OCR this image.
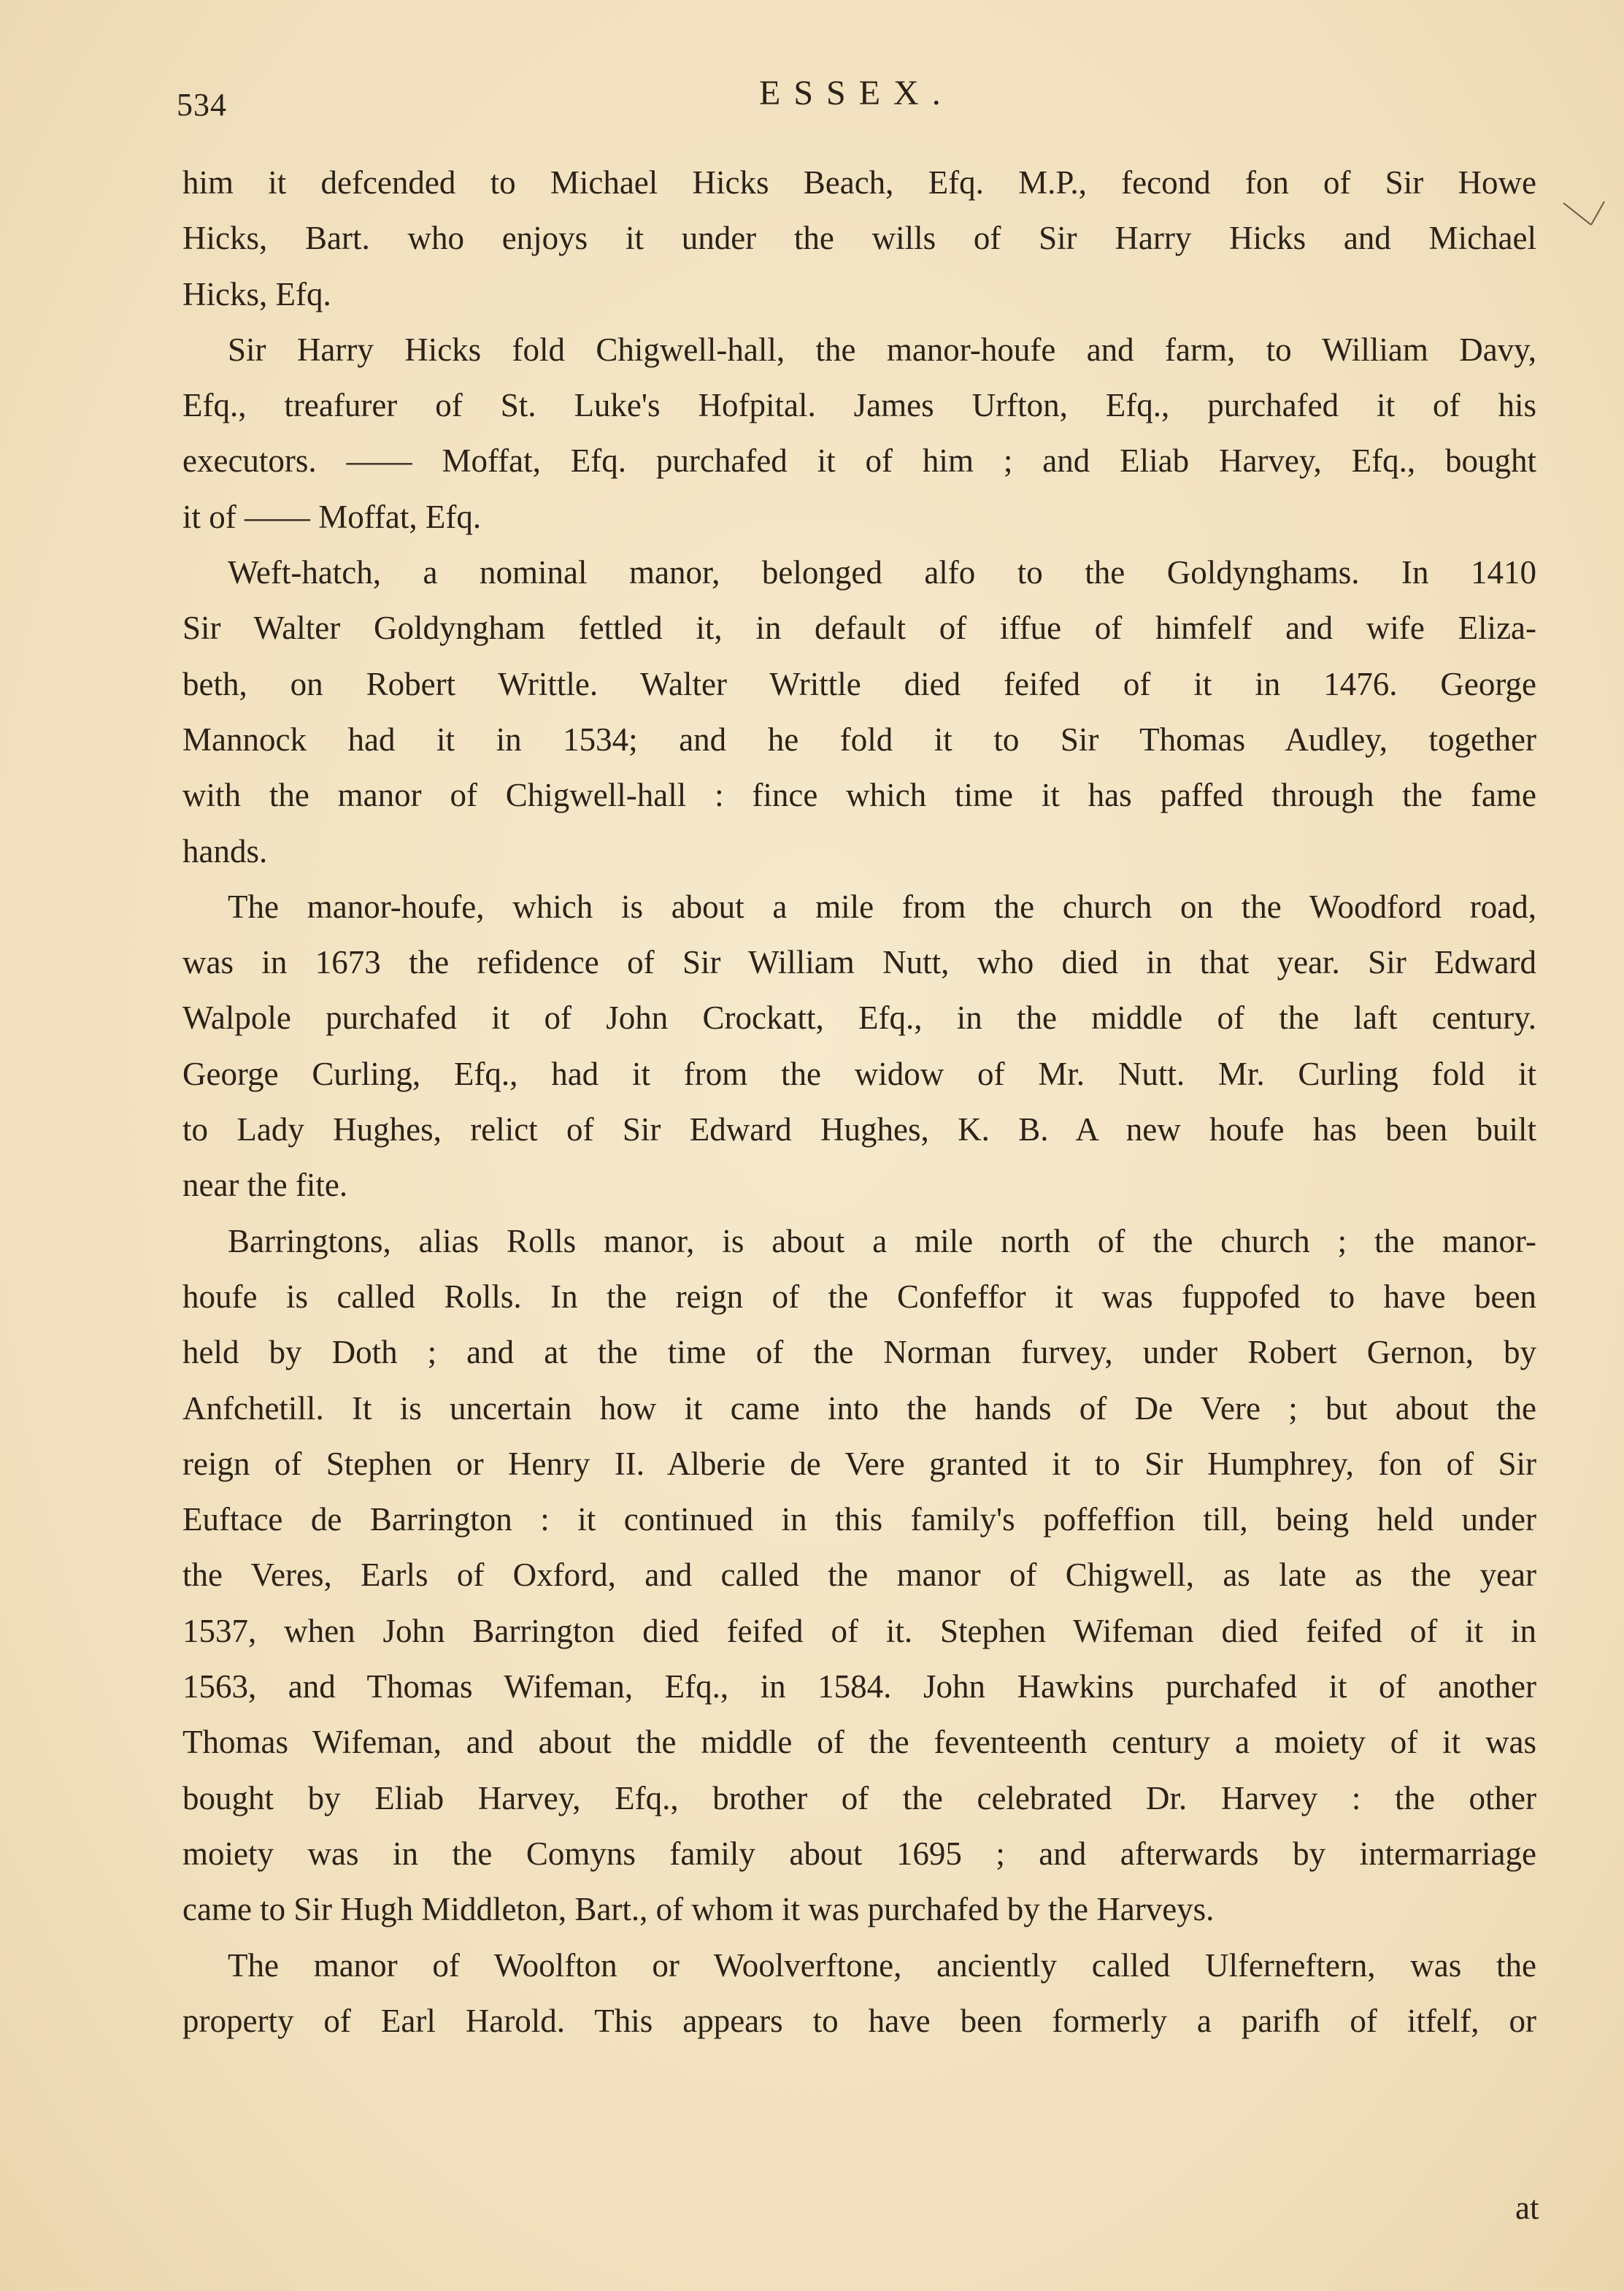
534	ESSEX.
him it defcended to Michael Hicks Beach, Efq. M.P., fecond fon of Sir Howe
Hicks, Bart. who enjoys it under the wills of Sir Harry Hicks and Michael
Hicks, Efq.
Sir Harry Hicks fold Chigwell-hall, the manor-houfe and farm, to William Davy,
Efq., treafurer of St. Luke's Hofpital. James Urfton, Efq., purchafed it of his
executors. —— Moffat, Efq. purchafed it of him ; and Eliab Harvey, Efq., bought
it of —— Moffat, Efq.
Weft-hatch, a nominal manor, belonged alfo to the Goldynghams. In 1410
Sir Walter Goldyngham fettled it, in default of iffue of himfelf and wife Eliza-
beth, on Robert Writtle. Walter Writtle died feifed of it in 1476. George
Mannock had it in 1534; and he fold it to Sir Thomas Audley, together
with the manor of Chigwell-hall : fince which time it has paffed through the fame
hands.
The manor-houfe, which is about a mile from the church on the Woodford road,
was in 1673 the refidence of Sir William Nutt, who died in that year. Sir Edward
Walpole purchafed it of John Crockatt, Efq., in the middle of the laft century.
George Curling, Efq., had it from the widow of Mr. Nutt. Mr. Curling fold it
to Lady Hughes, relict of Sir Edward Hughes, K. B. A new houfe has been built
near the fite.
Barringtons, alias Rolls manor, is about a mile north of the church ; the manor-
houfe is called Rolls. In the reign of the Confeffor it was fuppofed to have been
held by Doth ; and at the time of the Norman furvey, under Robert Gernon, by
Anfchetill. It is uncertain how it came into the hands of De Vere ; but about the
reign of Stephen or Henry II. Alberie de Vere granted it to Sir Humphrey, fon of Sir
Euftace de Barrington : it continued in this family's poffeffion till, being held under
the Veres, Earls of Oxford, and called the manor of Chigwell, as late as the year
1537, when John Barrington died feifed of it. Stephen Wifeman died feifed of it in
1563, and Thomas Wifeman, Efq., in 1584. John Hawkins purchafed it of another
Thomas Wifeman, and about the middle of the feventeenth century a moiety of it was
bought by Eliab Harvey, Efq., brother of the celebrated Dr. Harvey : the other
moiety was in the Comyns family about 1695 ; and afterwards by intermarriage
came to Sir Hugh Middleton, Bart., of whom it was purchafed by the Harveys.
The manor of Woolfton or Woolverftone, anciently called Ulferneftern, was the
property of Earl Harold. This appears to have been formerly a parifh of itfelf, or
at
